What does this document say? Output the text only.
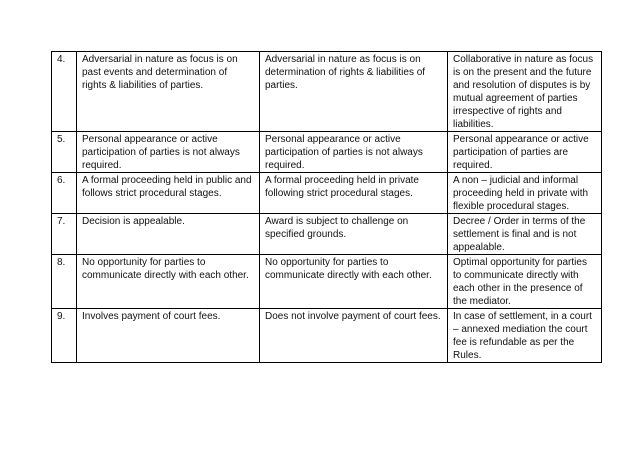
4.	Adversarial in nature as focus is on past events and determination of rights & liabilities of parties.	Adversarial in nature as focus is on determination of rights & liabilities of parties.	Collaborative in nature as focus is on the present and the future and resolution of disputes is by mutual agreement of parties irrespective of rights and liabilities.
5.	Personal appearance or active participation of parties is not always required.	Personal appearance or active participation of parties is not always required.	Personal appearance or active participation of parties are required.
6.	A formal proceeding held in public and follows strict procedural stages.	A formal proceeding held in private following strict procedural stages.	A non – judicial and informal proceeding held in private with flexible procedural stages.
7.	Decision is appealable.	Award is subject to challenge on specified grounds.	Decree / Order in terms of the settlement is final and is not appealable.
8.	No opportunity for parties to communicate directly with each other.	No opportunity for parties to communicate directly with each other.	Optimal opportunity for parties to communicate directly with each other in the presence of the mediator.
9.	Involves payment of court fees.	Does not involve payment of court fees.	In case of settlement, in a court – annexed mediation the court fee is refundable as per the Rules.
